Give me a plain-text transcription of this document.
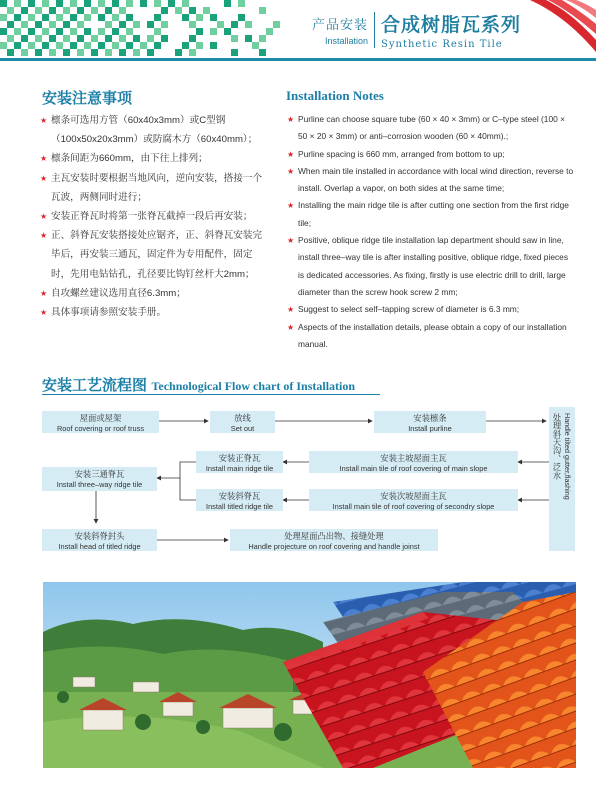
产品安装
Installation
合成树脂瓦系列
Synthetic Resin Tile
安装注意事项	Installation Notes
★ 檩条可选用方管（60x40x3mm）或C型钢（100x50x20x3mm）或防腐木方（60x40mm）；
★ 檩条间距为660mm，由下往上排列；
★ 主瓦安装时要根据当地风向，逆向安装，搭接一个瓦波，两侧同时进行；
★ 安装正脊瓦时将第一张脊瓦截掉一段后再安装；
★ 正、斜脊瓦安装搭接处应锯齐，正、斜脊瓦安装完毕后，再安装三通瓦，固定件为专用配件，固定时，先用电钻钻孔，孔径要比钩钉丝杆大2mm；
★ 自攻螺丝建议选用直径6.3mm；
★ 具体事项请参照安装手册。
★ Purline can choose square tube (60 × 40 × 3mm) or C–type steel (100 × 50 × 20 × 3mm) or anti–corrosion wooden (60 × 40mm).;
★ Purline spacing is 660 mm, arranged from bottom to up;
★ When main tile installed in accordance with local wind direction, reverse to install. Overlap a vapor, on both sides at the same time;
★ Installing the main ridge tile is after cutting one section from the first ridge tile;
★ Positive, oblique ridge tile installation lap department should saw in line, install three–way tile is after installing positive, oblique ridge, fixed pieces is dedicated accessories. As fixing, firstly is use electric drill to drill, large diameter than the screw hook screw 2 mm;
★ Suggest to select self–tapping screw of diameter is 6.3 mm;
★ Aspects of the installation details, please obtain a copy of our installation manual.
安装工艺流程图 Technological Flow chart of Installation
屋面或屋架
Roof covering or roof truss
放线
Set out
安装檩条
Install purline	处理斜天沟、泛水 Handle tilted gutter,flashing
安装主坡屋面主瓦
Install main tile of roof covering of main slope
安装次坡屋面主瓦
Install main tile of roof covering of secondry slope
安装正脊瓦
Install main ridge tile
安装斜脊瓦
Install titled ridge tile
安装三通脊瓦
Install three–way ridge tile
安装斜脊封头
Install head of titled ridge
处理屋面凸出物、接缝处理
Handle projecture on roof covering and handle joinst
